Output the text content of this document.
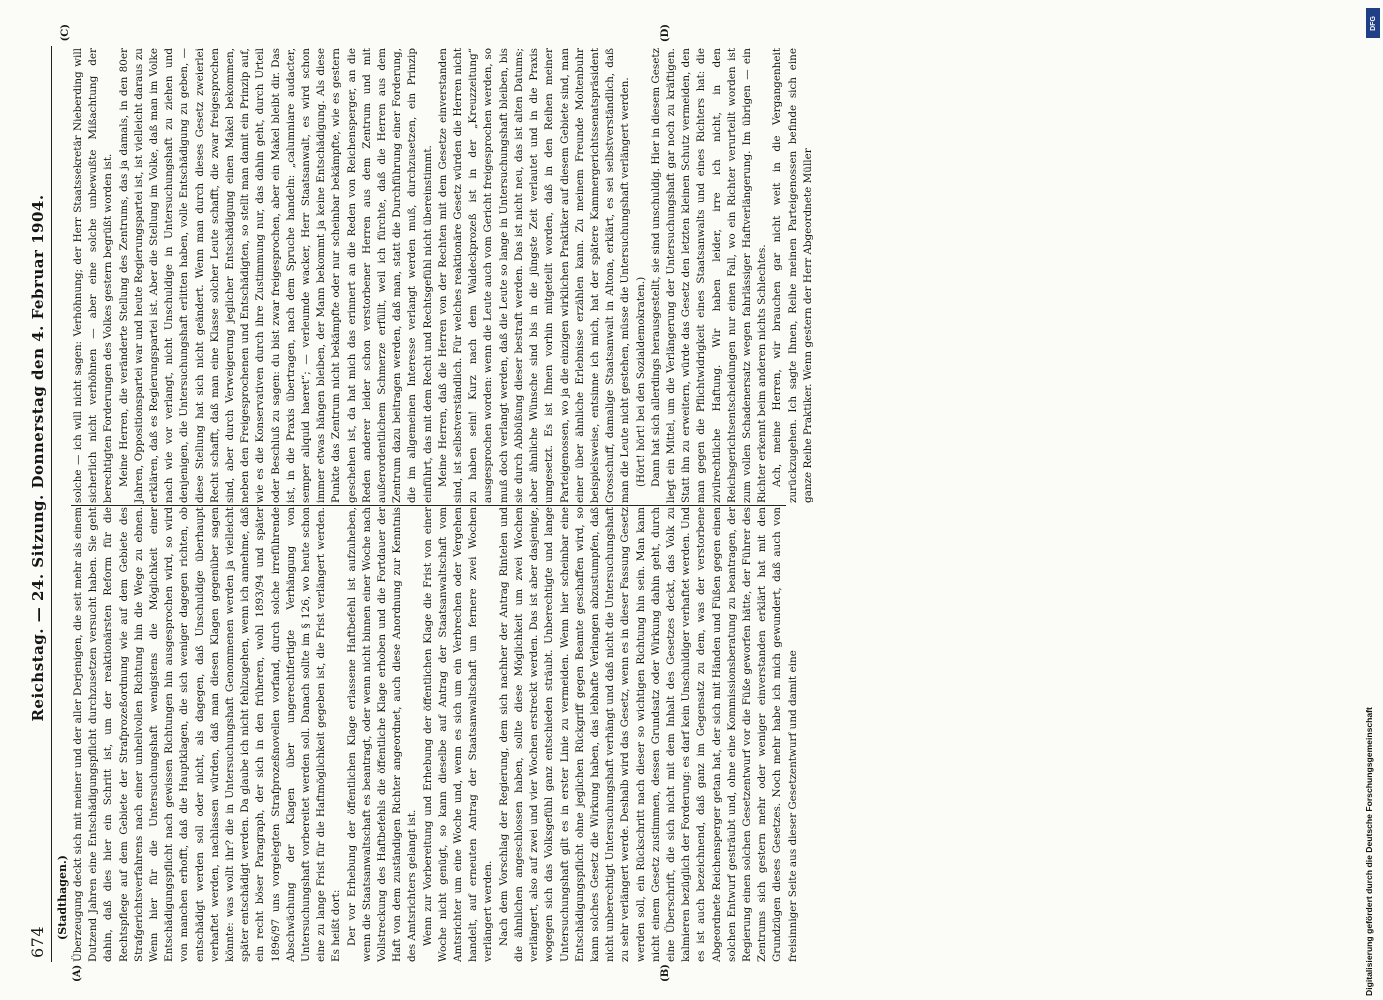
674
Reichstag. — 24. Sitzung. Donnerstag den 4. Februar 1904.
(Stadthagen.) Überzeugung deckt sich mit meiner und der aller Derjenigen, die seit mehr als einem Dutzend Jahren eine Entschädigungspflicht durchzusetzen versucht haben. Sie geht dahin, daß dies hier ein Schritt ist, um der reaktionärsten Reform für die Rechtspflege auf dem Gebiete der Strafprozeßordnung wie auf dem Gebiete des Strafgerichtsverfahrens nach einer unheilvollen Richtung hin die Wege zu ebnen. Wenn hier für die Untersuchungshaft wenigstens die Möglichkeit einer Entschädigungspflicht nach gewissen Richtungen hin ausgesprochen wird, so wird von manchen erhofft, daß die Hauptklagen, die sich weniger dagegen richten, ob entschädigt werden soll oder nicht, als dagegen, daß Unschuldige überhaupt verhaftet werden, nachlassen würden, daß man diesen Klagen gegenüber sagen könnte: was wollt ihr? die in Untersuchungshaft Genommenen werden ja vielleicht später entschädigt werden. Da glaube ich nicht fehlzugehen, wenn ich annehme, daß ein recht böser Paragraph, der sich in den früheren, wohl 1893/94 und später 1896/97 uns vorgelegten Strafprozeßnovellen vorfand, durch solche irreführende Abschwächung der Klagen über ungerechtfertigte Verhängung von Untersuchungshaft vorbereitet werden soll. Danach sollte im § 126, wo heute schon eine zu lange Frist für die Haftmöglichkeit gegeben ist, die Frist verlängert werden. Es heißt dort: Der vor Erhebung der öffentlichen Klage erlassene Haftbefehl ist aufzuheben, wenn die Staatsanwaltschaft es beantragt, oder wenn nicht binnen einer Woche nach Vollstreckung des Haftbefehls die öffentliche Klage erhoben und die Fortdauer der Haft von dem zuständigen Richter angeordnet, auch diese Anordnung zur Kenntnis des Amtsrichters gelangt ist. Wenn zur Vorbereitung und Erhebung der öffentlichen Klage die Frist von einer Woche nicht genügt, so kann dieselbe auf Antrag der Staatsanwaltschaft vom Amtsrichter um eine Woche und, wenn es sich um ein Verbrechen oder Vergehen handelt, auf erneuten Antrag der Staatsanwaltschaft um fernere zwei Wochen verlängert werden. Nach dem Vorschlag der Regierung, dem sich nachher der Antrag Rintelen und die ähnlichen angeschlossen haben, sollte diese Möglichkeit um zwei Wochen verlängert, also auf zwei und vier Wochen erstreckt werden. Das ist aber dasjenige, wogegen sich das Volksgefühl ganz entschieden sträubt. Unberechtigte und lange Untersuchungshaft gilt es in erster Linie zu vermeiden. Wenn hier scheinbar eine Entschädigungspflicht ohne jeglichen Rückgriff gegen Beamte geschaffen wird, so kann solches Gesetz die Wirkung haben, das lebhafte Verlangen abzustumpfen, daß nicht unberechtigt Untersuchungshaft verhängt und daß nicht die Untersuchungshaft zu sehr verlängert werde. Deshalb wird das Gesetz, wenn es in dieser Fassung Gesetz werden soll, ein Rückschritt nach dieser so wichtigen Richtung hin sein. Man kann nicht einem Gesetz zustimmen, dessen Grundsatz oder Wirkung dahin geht, durch eine Überschrift, die sich nicht mit dem Inhalt des Gesetzes deckt, das Volk zu kalmieren bezüglich der Forderung: es darf kein Unschuldiger verhaftet werden. Und es ist auch bezeichnend, daß ganz im Gegensatz zu dem, was der verstorbene Abgeordnete Reichensperger getan hat, der sich mit Händen und Füßen gegen einen solchen Entwurf gesträubt und, ohne eine Kommissionsberatung zu beantragen, der Regierung einen solchen Gesetzentwurf vor die Füße geworfen hätte, der Führer des Zentrums sich gestern mehr oder weniger einverstanden erklärt hat mit den Grundzügen dieses Gesetzes. Noch mehr habe ich mich gewundert, daß auch von freisinniger Seite aus dieser Gesetzentwurf und damit eine

solche — ich will nicht sagen: Verhöhnung; der Herr Staatssekretär Nieberding will sicherlich nicht verhöhnen — aber eine solche unbewußte Mißachtung der berechtigten Forderungen des Volkes gestern begrüßt worden ist. Meine Herren, die veränderte Stellung des Zentrums, das ja damals, in den 80er Jahren, Oppositionspartei war und heute Regierungspartei ist, ist vielleicht daraus zu erklären, daß es Regierungspartei ist. Aber die Stellung im Volke, daß man im Volke nach wie vor verlangt, nicht Unschuldige in Untersuchungshaft zu ziehen und denjenigen, die Untersuchungshaft erlitten haben, volle Entschädigung zu geben, — diese Stellung hat sich nicht geändert. Wenn man durch dieses Gesetz zweierlei Recht schafft, daß man eine Klasse solcher Leute schafft, die zwar freigesprochen sind, aber durch Verweigerung jeglicher Entschädigung einen Makel bekommen, neben den Freigesprochenen und Entschädigten, so stellt man damit ein Prinzip auf, wie es die Konservativen durch ihre Zustimmung nur, das dahin geht, durch Urteil oder Beschluß zu sagen: du bist zwar freigesprochen, aber ein Makel bleibt dir. Das ist, in die Praxis übertragen, nach dem Spruche handeln: „calumniare audacter, semper aliquid haeret“; — verleumde wacker, Herr Staatsanwalt, es wird schon immer etwas hängen bleiben, der Mann bekommt ja keine Entschädigung. Als diese Punkte das Zentrum nicht bekämpfte oder nur scheinbar bekämpfte, wie es gestern geschehen ist, da hat mich das erinnert an die Reden von Reichensperger, an die Reden anderer leider schon verstorbener Herren aus dem Zentrum und mit außerordentlichem Schmerze erfüllt, weil ich fürchte, daß die Herren aus dem Zentrum dazu beitragen werden, daß man, statt die Durchführung einer Forderung, die im allgemeinen Interesse verlangt werden muß, durchzusetzen, ein Prinzip einführt, das mit dem Recht und Rechtsgefühl nicht übereinstimmt. Meine Herren, daß die Herren von der Rechten mit dem Gesetze einverstanden sind, ist selbstverständlich. Für welches reaktionäre Gesetz würden die Herren nicht zu haben sein! Kurz nach dem Waldeckprozeß ist in der „Kreuzzeitung“ ausgesprochen worden: wenn die Leute auch vom Gericht freigesprochen werden, so muß doch verlangt werden, daß die Leute so lange in Untersuchungshaft bleiben, bis sie durch Abbüßung dieser bestraft werden. Das ist nicht neu, das ist alten Datums; aber ähnliche Wünsche sind bis in die jüngste Zeit verlautet und in die Praxis umgesetzt. Es ist Ihnen vorhin mitgeteilt worden, daß in den Reihen meiner Parteigenossen, wo ja die einzigen wirklichen Praktiker auf diesem Gebiete sind, man einer über ähnliche Erlebnisse erzählen kann. Zu meinem Freunde Moltenbuhr beispielsweise, entsinne ich mich, hat der spätere Kammergerichtssenatspräsident Grosschuff, damalige Staatsanwalt in Altona, erklärt, es sei selbstverständlich, daß man die Leute nicht gestehen, müsse die Untersuchungshaft verlängert werden. (Hört! hört! bei den Sozialdemokraten.) Dann hat sich allerdings herausgestellt, sie sind unschuldig. Hier in diesem Gesetz liegt ein Mittel, um die Verlängerung der Untersuchungshaft gar noch zu kräftigen. Statt ihn zu erweitern, würde das Gesetz den letzten kleinen Schutz vermeiden, den man gegen die Pflichtwidrigkeit eines Staatsanwalts und eines Richters hat: die zivilrechtliche Haftung. Wir haben leider, irre ich nicht, in den Reichsgerichtsentscheidungen nur einen Fall, wo ein Richter verurteilt worden ist zum vollen Schadenersatz wegen fahrlässiger Haftverlängerung. Im übrigen — ein Richter erkennt beim anderen nichts Schlechtes. Ach, meine Herren, wir brauchen gar nicht weit in die Vergangenheit zurückzugehen. Ich sagte Ihnen, Reihe meinen Parteigenossen befinde sich eine ganze Reihe Praktiker. Wenn gestern der Herr Abgeordnete Müller

(A)	(B)
(C)	(D)
DFG
Digitalisierung gefördert durch die Deutsche Forschungsgemeinschaft
